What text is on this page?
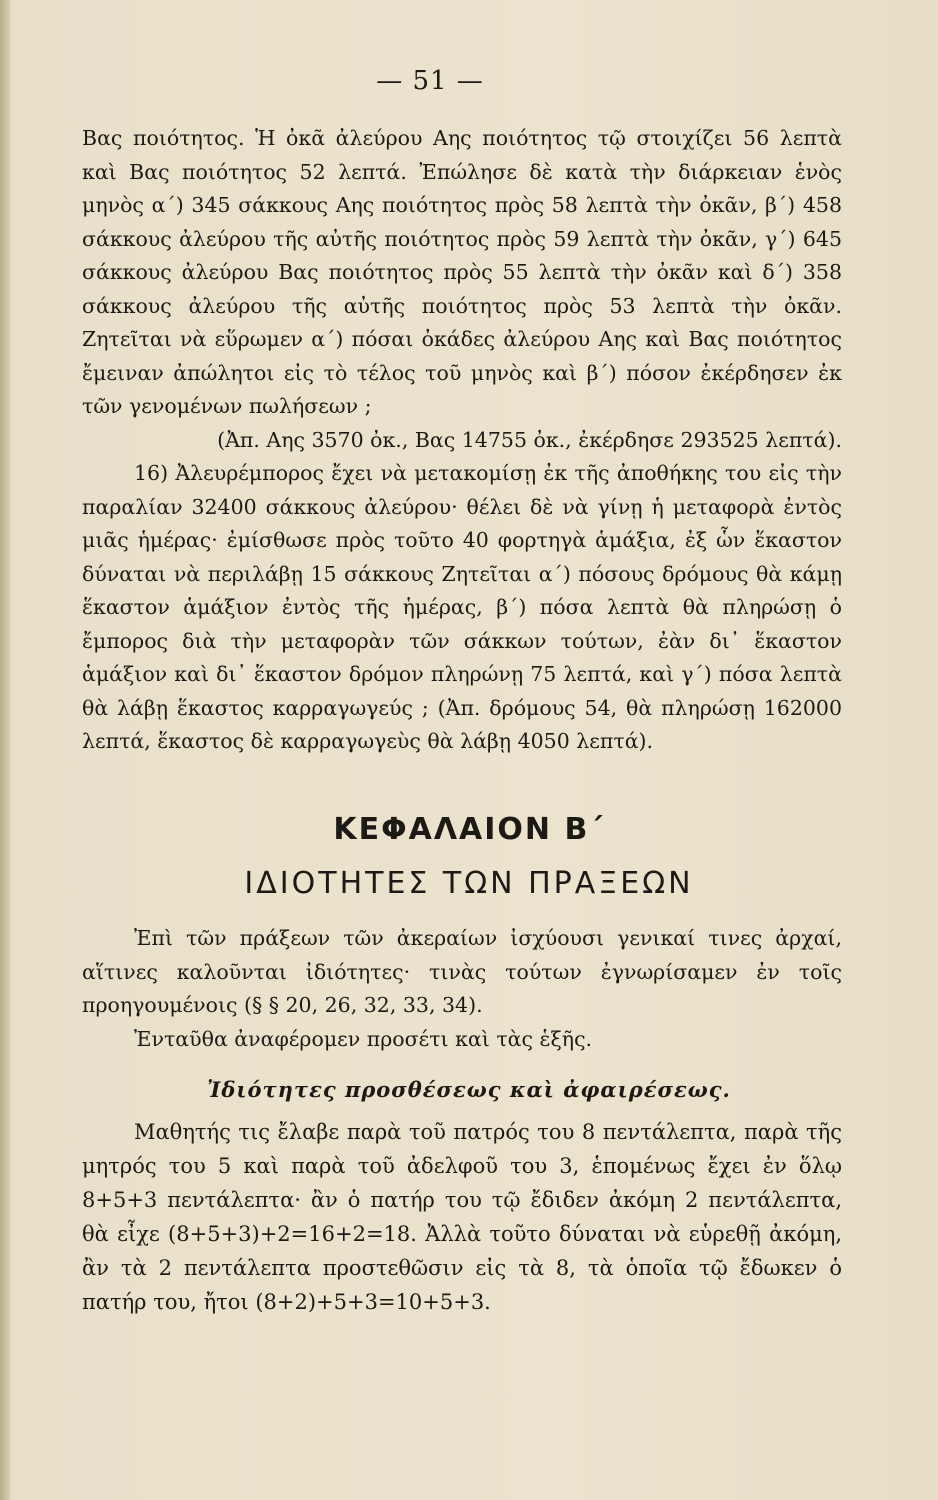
— 51 —

Βας ποιότητος. Ἡ ὀκᾶ ἀλεύρου Αης ποιότητος τῷ στοιχίζει 56 λεπτὰ καὶ Βας ποιότητος 52 λεπτά. Ἐπώλησε δὲ κατὰ τὴν διάρκειαν ἑνὸς μηνὸς α΄) 345 σάκκους Αης ποιότητος πρὸς 58 λεπτὰ τὴν ὀκᾶν, β΄) 458 σάκκους ἀλεύρου τῆς αὐτῆς ποιότητος πρὸς 59 λεπτὰ τὴν ὀκᾶν, γ΄) 645 σάκκους ἀλεύρου Βας ποιότητος πρὸς 55 λεπτὰ τὴν ὀκᾶν καὶ δ΄) 358 σάκκους ἀλεύρου τῆς αὐτῆς ποιότητος πρὸς 53 λεπτὰ τὴν ὀκᾶν. Ζητεῖται νὰ εὕρωμεν α΄) πόσαι ὀκάδες ἀλεύρου Αης καὶ Βας ποιότητος ἔμειναν ἀπώλητοι εἰς τὸ τέλος τοῦ μηνὸς καὶ β΄) πόσον ἐκέρδησεν ἐκ τῶν γενομένων πωλήσεων ;

(Ἀπ. Αης 3570 ὀκ., Βας 14755 ὀκ., ἐκέρδησε 293525 λεπτά).

16) Ἀλευρέμπορος ἔχει νὰ μετακομίσῃ ἐκ τῆς ἀποθήκης του εἰς τὴν παραλίαν 32400 σάκκους ἀλεύρου· θέλει δὲ νὰ γίνῃ ἡ μεταφορὰ ἐντὸς μιᾶς ἡμέρας· ἐμίσθωσε πρὸς τοῦτο 40 φορτηγὰ ἁμάξια, ἐξ ὧν ἕκαστον δύναται νὰ περιλάβῃ 15 σάκκους Ζητεῖται α΄) πόσους δρόμους θὰ κάμῃ ἕκαστον ἁμάξιον ἐντὸς τῆς ἡμέρας, β΄) πόσα λεπτὰ θὰ πληρώσῃ ὁ ἔμπορος διὰ τὴν μεταφορὰν τῶν σάκκων τούτων, ἐὰν δι᾽ ἕκαστον ἁμάξιον καὶ δι᾽ ἕκαστον δρόμον πληρώνῃ 75 λεπτά, καὶ γ΄) πόσα λεπτὰ θὰ λάβῃ ἕκαστος καρραγωγεύς ; (Ἀπ. δρόμους 54, θὰ πληρώσῃ 162000 λεπτά, ἕκαστος δὲ καρραγωγεὺς θὰ λάβῃ 4050 λεπτά).

ΚΕΦΑΛΑΙΟΝ Β΄
ΙΔΙΟΤΗΤΕΣ ΤΩΝ ΠΡΑΞΕΩΝ

Ἐπὶ τῶν πράξεων τῶν ἀκεραίων ἰσχύουσι γενικαί τινες ἀρχαί, αἵτινες καλοῦνται ἰδιότητες· τινὰς τούτων ἐγνωρίσαμεν ἐν τοῖς προηγουμένοις (§ § 20, 26, 32, 33, 34).

Ἐνταῦθα ἀναφέρομεν προσέτι καὶ τὰς ἑξῆς.

Ἰδιότητες προσθέσεως καὶ ἀφαιρέσεως.

Μαθητής τις ἔλαβε παρὰ τοῦ πατρός του 8 πεντάλεπτα, παρὰ τῆς μητρός του 5 καὶ παρὰ τοῦ ἀδελφοῦ του 3, ἑπομένως ἔχει ἐν ὅλῳ 8+5+3 πεντάλεπτα· ἂν ὁ πατήρ του τῷ ἔδιδεν ἀκόμη 2 πεντάλεπτα, θὰ εἶχε (8+5+3)+2=16+2=18. Ἀλλὰ τοῦτο δύναται νὰ εὑρεθῇ ἀκόμη, ἂν τὰ 2 πεντάλεπτα προστεθῶσιν εἰς τὰ 8, τὰ ὁποῖα τῷ ἔδωκεν ὁ πατήρ του, ἤτοι (8+2)+5+3=10+5+3.
